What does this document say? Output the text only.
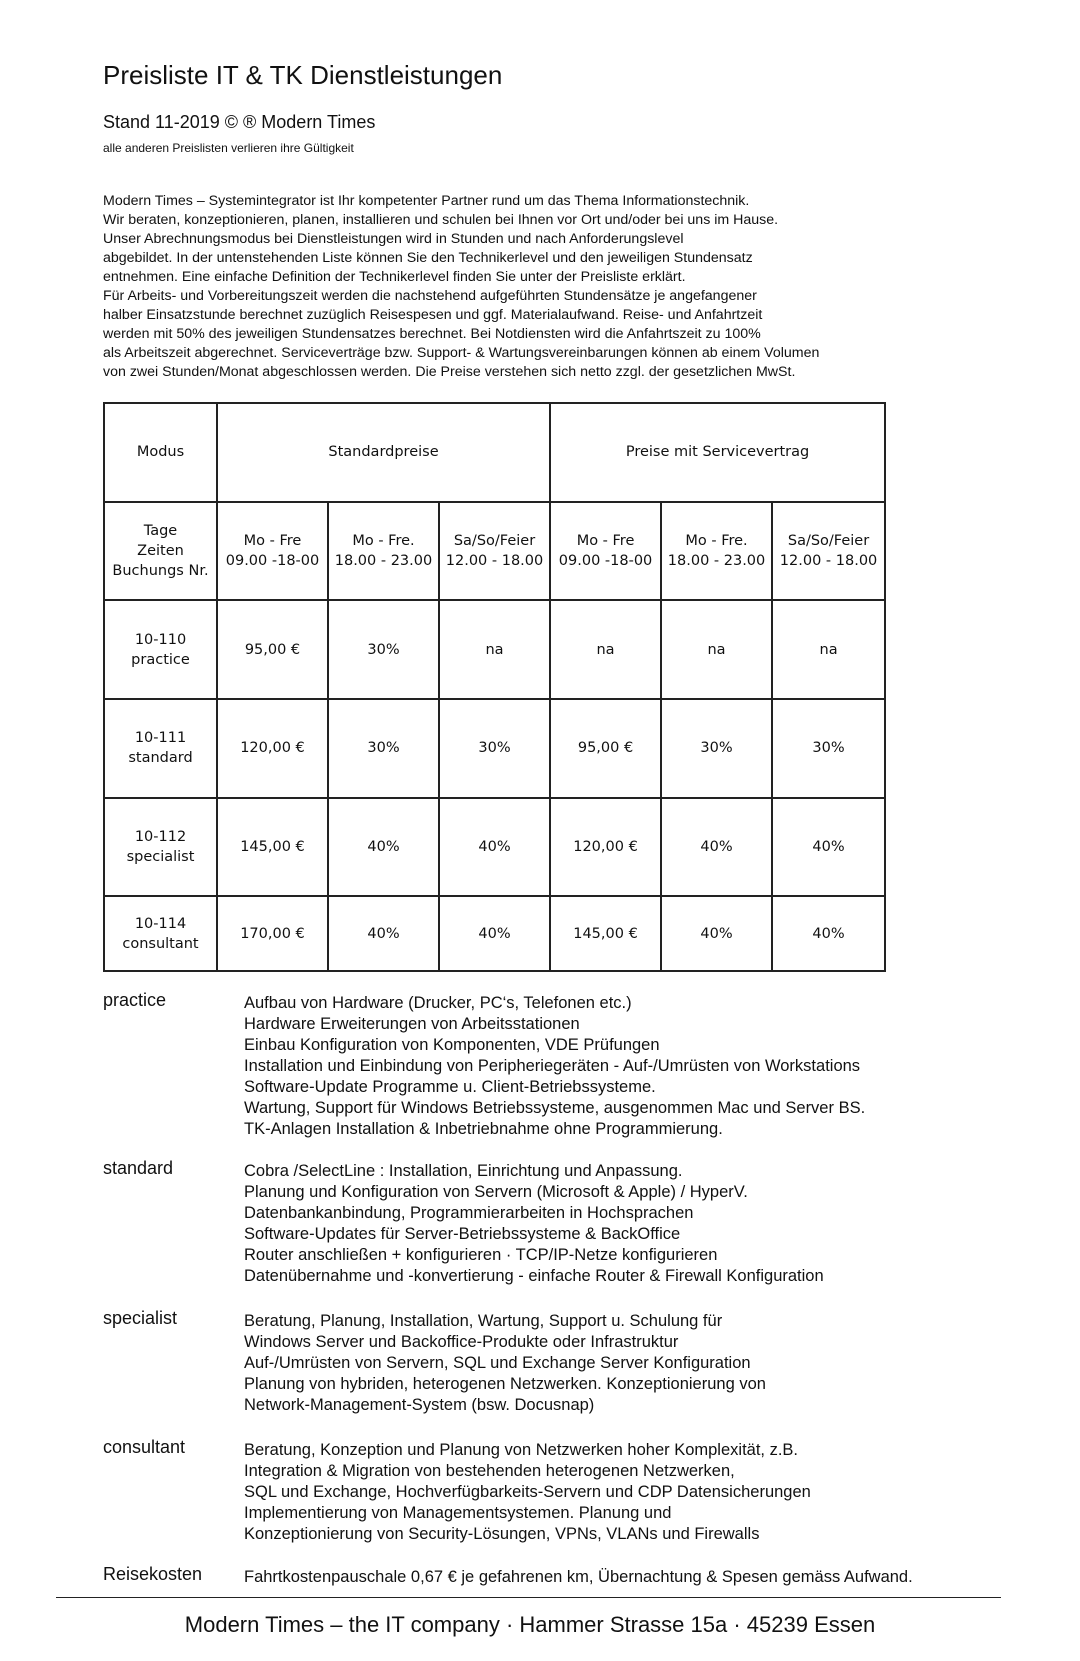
Preisliste IT & TK Dienstleistungen
Stand 11-2019 © ® Modern Times
alle anderen Preislisten verlieren ihre Gültigkeit
Modern Times – Systemintegrator ist Ihr kompetenter Partner rund um das Thema Informationstechnik.
Wir beraten, konzeptionieren, planen, installieren und schulen bei Ihnen vor Ort und/oder bei uns im Hause.
Unser Abrechnungsmodus bei Dienstleistungen wird in Stunden und nach Anforderungslevel
abgebildet. In der untenstehenden Liste können Sie den Technikerlevel und den jeweiligen Stundensatz
entnehmen. Eine einfache Definition der Technikerlevel finden Sie unter der Preisliste erklärt.
Für Arbeits- und Vorbereitungszeit werden die nachstehend aufgeführten Stundensätze je angefangener
halber Einsatzstunde berechnet zuzüglich Reisespesen und ggf. Materialaufwand. Reise- und Anfahrtzeit
werden mit 50% des jeweiligen Stundensatzes berechnet. Bei Notdiensten wird die Anfahrtszeit zu 100%
als Arbeitszeit abgerechnet. Serviceverträge bzw. Support- & Wartungsvereinbarungen können ab einem Volumen
von zwei Stunden/Monat abgeschlossen werden. Die Preise verstehen sich netto zzgl. der gesetzlichen MwSt.
Modus	Standardpreise			Preise mit Servicevertrag		

Tage
Zeiten
Buchungs Nr.	Mo - Fre
09.00 -18-00	Mo - Fre.
18.00 - 23.00	Sa/So/Feier
12.00 - 18.00	Mo - Fre
09.00 -18-00	Mo - Fre.
18.00 - 23.00	Sa/So/Feier
12.00 - 18.00

10-110
practice	95,00 €	30%	na	na	na	na

10-111
standard	120,00 €	30%	30%	95,00 €	30%	30%

10-112
specialist	145,00 €	40%	40%	120,00 €	40%	40%

10-114
consultant	170,00 €	40%	40%	145,00 €	40%	40%
practice	Aufbau von Hardware (Drucker, PC‘s, Telefonen etc.)
Hardware Erweiterungen von Arbeitsstationen
Einbau Konfiguration von Komponenten, VDE Prüfungen
Installation und Einbindung von Peripheriegeräten - Auf-/Umrüsten von Workstations
Software-Update Programme u. Client-Betriebssysteme.
Wartung, Support für Windows Betriebssysteme, ausgenommen Mac und Server BS.
TK-Anlagen Installation & Inbetriebnahme ohne Programmierung.
standard	Cobra /SelectLine : Installation, Einrichtung und Anpassung.
Planung und Konfiguration von Servern (Microsoft & Apple) / HyperV.
Datenbankanbindung, Programmierarbeiten in Hochsprachen
Software-Updates für Server-Betriebssysteme & BackOffice
Router anschließen + konfigurieren · TCP/IP-Netze konfigurieren
Datenübernahme und -konvertierung - einfache Router & Firewall Konfiguration
specialist	Beratung, Planung, Installation, Wartung, Support u. Schulung für
Windows Server und Backoffice-Produkte oder Infrastruktur
Auf-/Umrüsten von Servern, SQL und Exchange Server Konfiguration
Planung von hybriden, heterogenen Netzwerken. Konzeptionierung von
Network-Management-System (bsw. Docusnap)
consultant	Beratung, Konzeption und Planung von Netzwerken hoher Komplexität, z.B.
Integration & Migration von bestehenden heterogenen Netzwerken,
SQL und Exchange, Hochverfügbarkeits-Servern und CDP Datensicherungen
Implementierung von Managementsystemen. Planung und
Konzeptionierung von Security-Lösungen, VPNs, VLANs und Firewalls
Reisekosten	Fahrtkostenpauschale 0,67 € je gefahrenen km, Übernachtung & Spesen gemäss Aufwand.
Modern Times – the IT company · Hammer Strasse 15a · 45239 Essen
